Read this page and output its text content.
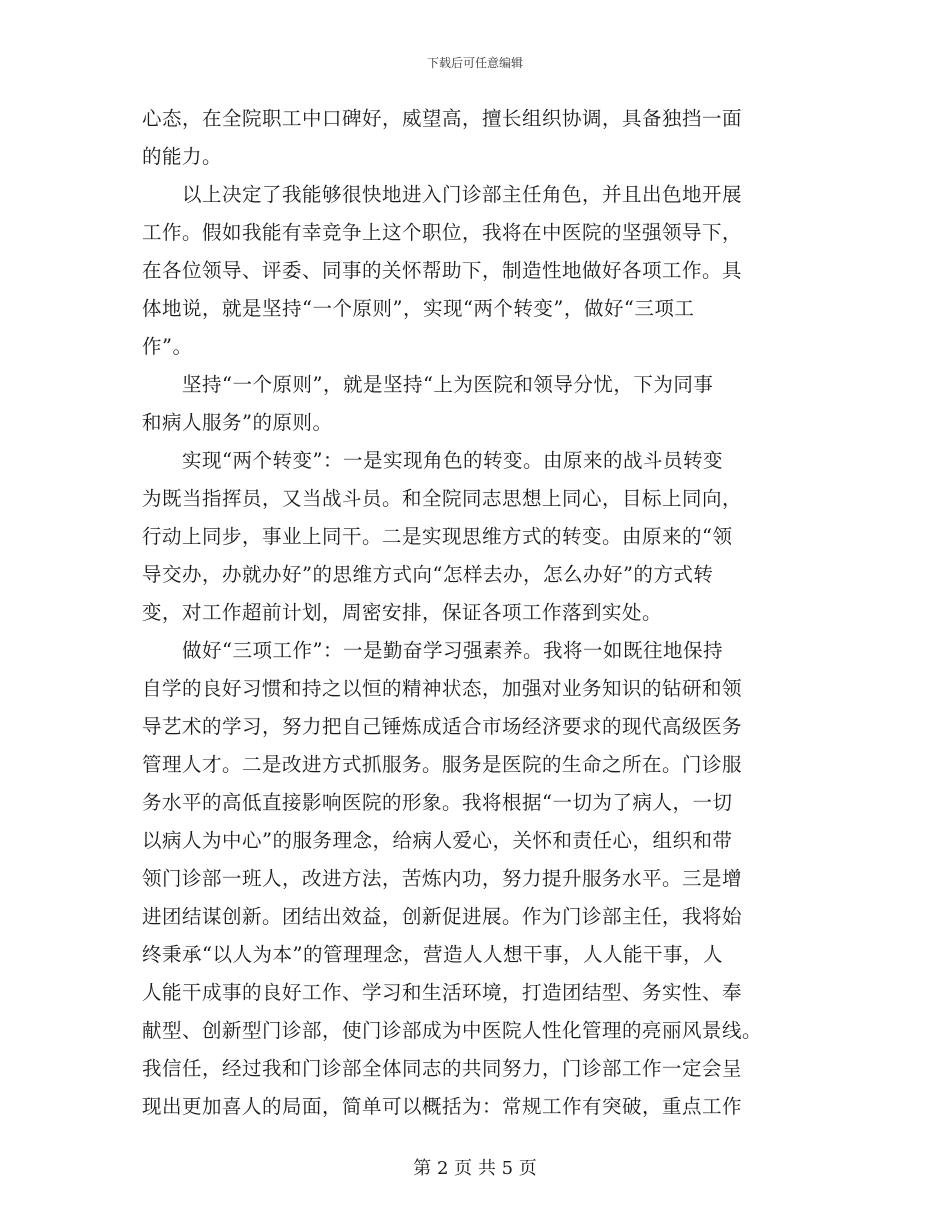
下载后可任意编辑
心态，在全院职工中口碑好，威望高，擅长组织协调，具备独挡一面
的能力。
　　以上决定了我能够很快地进入门诊部主任角色，并且出色地开展
工作。假如我能有幸竞争上这个职位，我将在中医院的坚强领导下，
在各位领导、评委、同事的关怀帮助下，制造性地做好各项工作。具
体地说，就是坚持“一个原则”，实现“两个转变”，做好“三项工
作”。
　　坚持“一个原则”，就是坚持“上为医院和领导分忧，下为同事
和病人服务”的原则。
　　实现“两个转变”：一是实现角色的转变。由原来的战斗员转变
为既当指挥员，又当战斗员。和全院同志思想上同心，目标上同向，
行动上同步，事业上同干。二是实现思维方式的转变。由原来的“领
导交办，办就办好”的思维方式向“怎样去办，怎么办好”的方式转
变，对工作超前计划，周密安排，保证各项工作落到实处。
　　做好“三项工作”：一是勤奋学习强素养。我将一如既往地保持
自学的良好习惯和持之以恒的精神状态，加强对业务知识的钻研和领
导艺术的学习，努力把自己锤炼成适合市场经济要求的现代高级医务
管理人才。二是改进方式抓服务。服务是医院的生命之所在。门诊服
务水平的高低直接影响医院的形象。我将根据“一切为了病人，一切
以病人为中心”的服务理念，给病人爱心，关怀和责任心，组织和带
领门诊部一班人，改进方法，苦炼内功，努力提升服务水平。三是增
进团结谋创新。团结出效益，创新促进展。作为门诊部主任，我将始
终秉承“以人为本”的管理理念，营造人人想干事，人人能干事，人
人能干成事的良好工作、学习和生活环境，打造团结型、务实性、奉
献型、创新型门诊部，使门诊部成为中医院人性化管理的亮丽风景线。
我信任，经过我和门诊部全体同志的共同努力，门诊部工作一定会呈
现出更加喜人的局面，简单可以概括为：常规工作有突破，重点工作
第 2 页 共 5 页
